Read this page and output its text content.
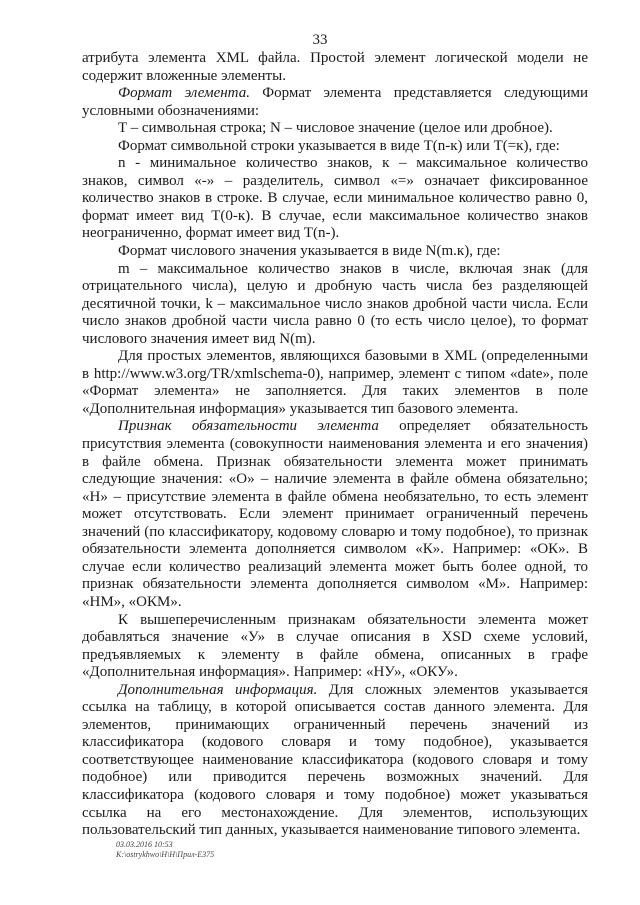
33

атрибута элемента XML файла. Простой элемент логической модели не содержит вложенные элементы.

Формат элемента. Формат элемента представляется следующими условными обозначениями:

T – символьная строка; N – числовое значение (целое или дробное).

Формат символьной строки указывается в виде T(n-к) или T(=к), где:

n - минимальное количество знаков, к – максимальное количество знаков, символ «-» – разделитель, символ «=» означает фиксированное количество знаков в строке. В случае, если минимальное количество равно 0, формат имеет вид T(0-к). В случае, если максимальное количество знаков неограниченно, формат имеет вид T(n-).

Формат числового значения указывается в виде N(m.к), где:

m – максимальное количество знаков в числе, включая знак (для отрицательного числа), целую и дробную часть числа без разделяющей десятичной точки, k – максимальное число знаков дробной части числа. Если число знаков дробной части числа равно 0 (то есть число целое), то формат числового значения имеет вид N(m).

Для простых элементов, являющихся базовыми в XML (определенными в http://www.w3.org/TR/xmlschema-0), например, элемент с типом «date», поле «Формат элемента» не заполняется. Для таких элементов в поле «Дополнительная информация» указывается тип базового элемента.

Признак обязательности элемента определяет обязательность присутствия элемента (совокупности наименования элемента и его значения) в файле обмена. Признак обязательности элемента может принимать следующие значения: «О» – наличие элемента в файле обмена обязательно; «Н» – присутствие элемента в файле обмена необязательно, то есть элемент может отсутствовать. Если элемент принимает ограниченный перечень значений (по классификатору, кодовому словарю и тому подобное), то признак обязательности элемента дополняется символом «К». Например: «ОК». В случае если количество реализаций элемента может быть более одной, то признак обязательности элемента дополняется символом «М». Например: «НМ», «ОКМ».

К вышеперечисленным признакам обязательности элемента может добавляться значение «У» в случае описания в XSD схеме условий, предъявляемых к элементу в файле обмена, описанных в графе «Дополнительная информация». Например: «НУ», «ОКУ».

Дополнительная информация. Для сложных элементов указывается ссылка на таблицу, в которой описывается состав данного элемента. Для элементов, принимающих ограниченный перечень значений из классификатора (кодового словаря и тому подобное), указывается соответствующее наименование классификатора (кодового словаря и тому подобное) или приводится перечень возможных значений. Для классификатора (кодового словаря и тому подобное) может указываться ссылка на его местонахождение. Для элементов, использующих пользовательский тип данных, указывается наименование типового элемента.

03.03.2016 10:53
К:\ostrykhwo\Н\Н\Прил-Е375
